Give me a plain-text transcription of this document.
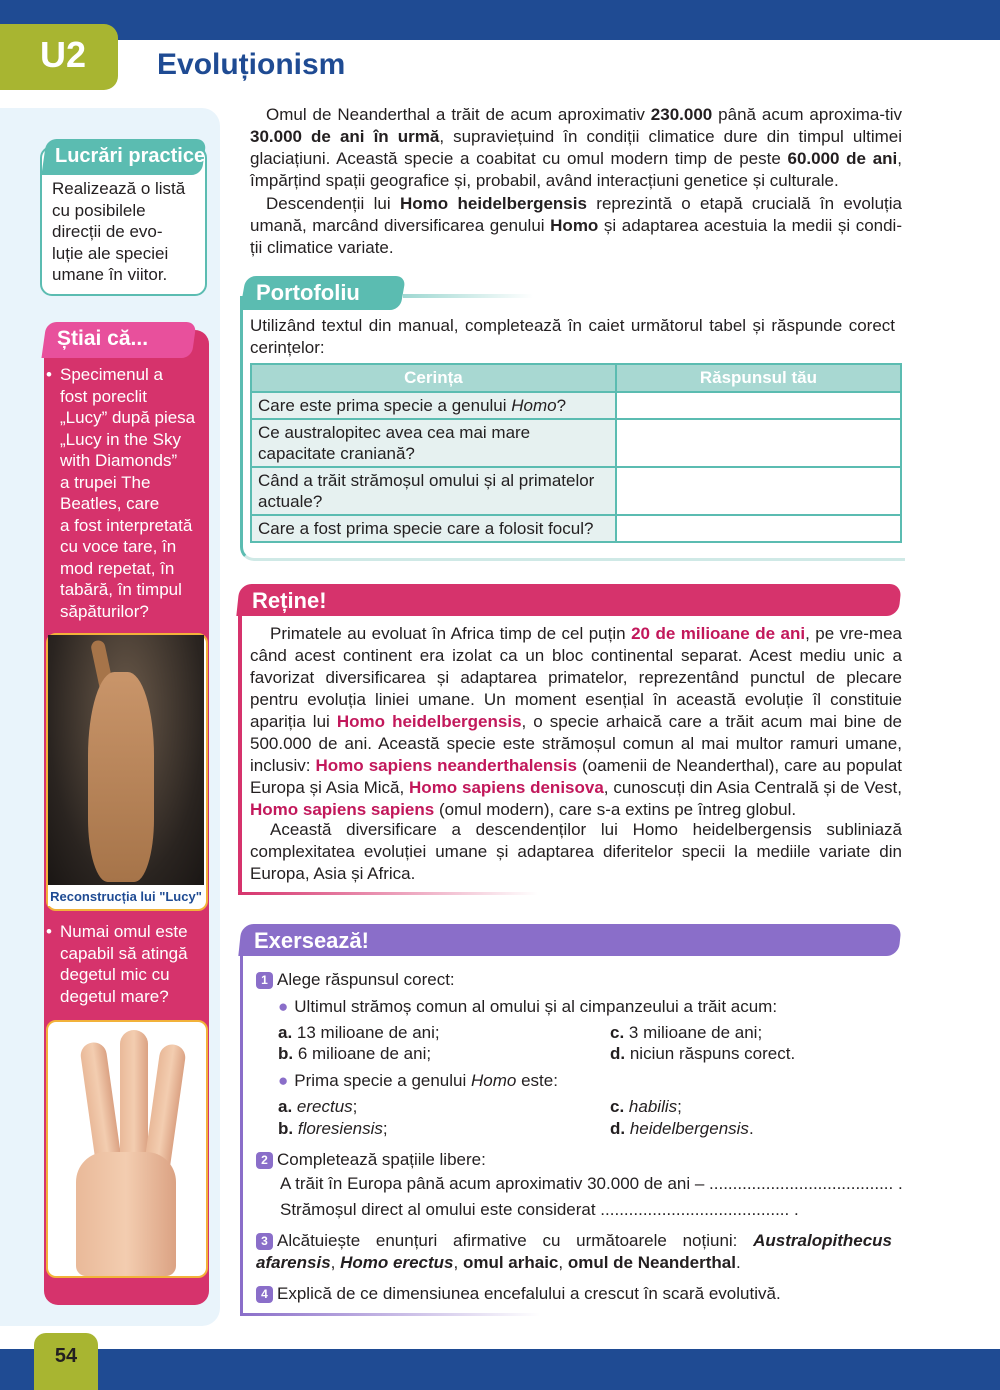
U2 Evoluționism
Lucrări practice
Realizează o listă
cu posibilele
direcții de evo-
luție ale speciei
umane în viitor.
Știai că...
• Specimenul a
fost poreclit
„Lucy” după piesa
„Lucy in the Sky
with Diamonds”
a trupei The
Beatles, care
a fost interpretată
cu voce tare, în
mod repetat, în
tabără, în timpul
săpăturilor?
Reconstrucția lui "Lucy"
• Numai omul este
capabil să atingă
degetul mic cu
degetul mare?
Omul de Neanderthal a trăit de acum aproximativ 230.000 până acum aproxima-tiv 30.000 de ani în urmă, supraviețuind în condiții climatice dure din timpul ultimei glaciațiuni. Această specie a coabitat cu omul modern timp de peste 60.000 de ani, împărțind spații geografice și, probabil, având interacțiuni genetice și culturale.
Descendenții lui Homo heidelbergensis reprezintă o etapă crucială în evoluția umană, marcând diversificarea genului Homo și adaptarea acestuia la medii și condi-ții climatice variate.
Portofoliu
Utilizând textul din manual, completează în caiet următorul tabel și răspunde corect cerințelor:
Cerința	Răspunsul tău
Care este prima specie a genului Homo?	
Ce australopitec avea cea mai mare capacitate craniană?	
Când a trăit strămoșul omului și al primatelor actuale?	
Care a fost prima specie care a folosit focul?	
Reține!
Primatele au evoluat în Africa timp de cel puțin 20 de milioane de ani, pe vre-mea când acest continent era izolat ca un bloc continental separat. Acest mediu unic a favorizat diversificarea și adaptarea primatelor, reprezentând punctul de plecare pentru evoluția liniei umane. Un moment esențial în această evoluție îl constituie apariția lui Homo heidelbergensis, o specie arhaică care a trăit acum mai bine de 500.000 de ani. Această specie este strămoșul comun al mai multor ramuri umane, inclusiv: Homo sapiens neanderthalensis (oamenii de Neanderthal), care au populat Europa și Asia Mică, Homo sapiens denisova, cunoscuți din Asia Centrală și de Vest, Homo sapiens sapiens (omul modern), care s-a extins pe întreg globul.
Această diversificare a descendenților lui Homo heidelbergensis subliniază complexitatea evoluției umane și adaptarea diferitelor specii la mediile variate din Europa, Asia și Africa.
Exersează!
1 Alege răspunsul corect:
● Ultimul strămoș comun al omului și al cimpanzeului a trăit acum:
a. 13 milioane de ani;	c. 3 milioane de ani;
b. 6 milioane de ani;	d. niciun răspuns corect.
● Prima specie a genului Homo este:
a. erectus;	c. habilis;
b. floresiensis;	d. heidelbergensis.
2 Completează spațiile libere:
A trăit în Europa până acum aproximativ 30.000 de ani – ....................................... .
Strămoșul direct al omului este considerat ........................................ .
3 Alcătuiește enunțuri afirmative cu următoarele noțiuni: Australopithecus afarensis, Homo erectus, omul arhaic, omul de Neanderthal.
4 Explică de ce dimensiunea encefalului a crescut în scară evolutivă.
54
